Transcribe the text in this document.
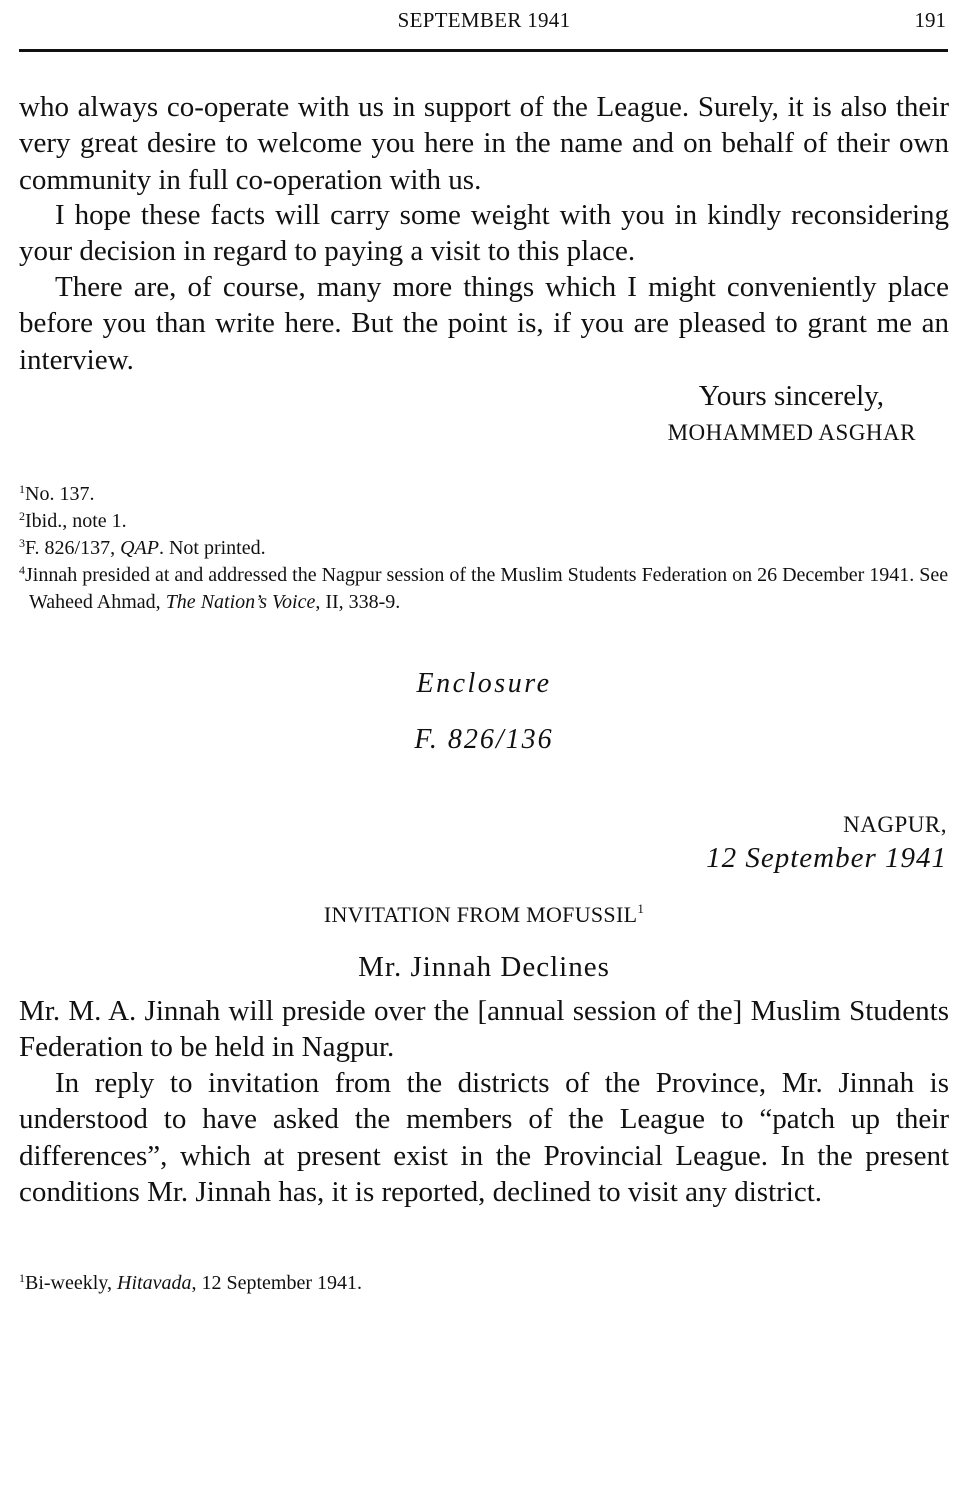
SEPTEMBER 1941	191

who always co-operate with us in support of the League. Surely, it is also their very great desire to welcome you here in the name and on behalf of their own community in full co-operation with us.

I hope these facts will carry some weight with you in kindly reconsidering your decision in regard to paying a visit to this place.

There are, of course, many more things which I might conveniently place before you than write here. But the point is, if you are pleased to grant me an interview.

Yours sincerely,
MOHAMMED ASGHAR
$^1$No. 137.
$^2$Ibid., note 1.
$^3$F. 826/137, QAP. Not printed.
$^4$Jinnah presided at and addressed the Nagpur session of the Muslim Students Federation on 26 December 1941. See Waheed Ahmad, The Nation’s Voice, II, 338-9.
Enclosure
F. 826/136
NAGPUR,
12 September 1941
INVITATION FROM MOFUSSIL$^1$
Mr. Jinnah Declines

Mr. M. A. Jinnah will preside over the [annual session of the] Muslim Students Federation to be held in Nagpur.

In reply to invitation from the districts of the Province, Mr. Jinnah is understood to have asked the members of the League to “patch up their differences”, which at present exist in the Provincial League. In the present conditions Mr. Jinnah has, it is reported, declined to visit any district.

$^1$Bi-weekly, Hitavada, 12 September 1941.
